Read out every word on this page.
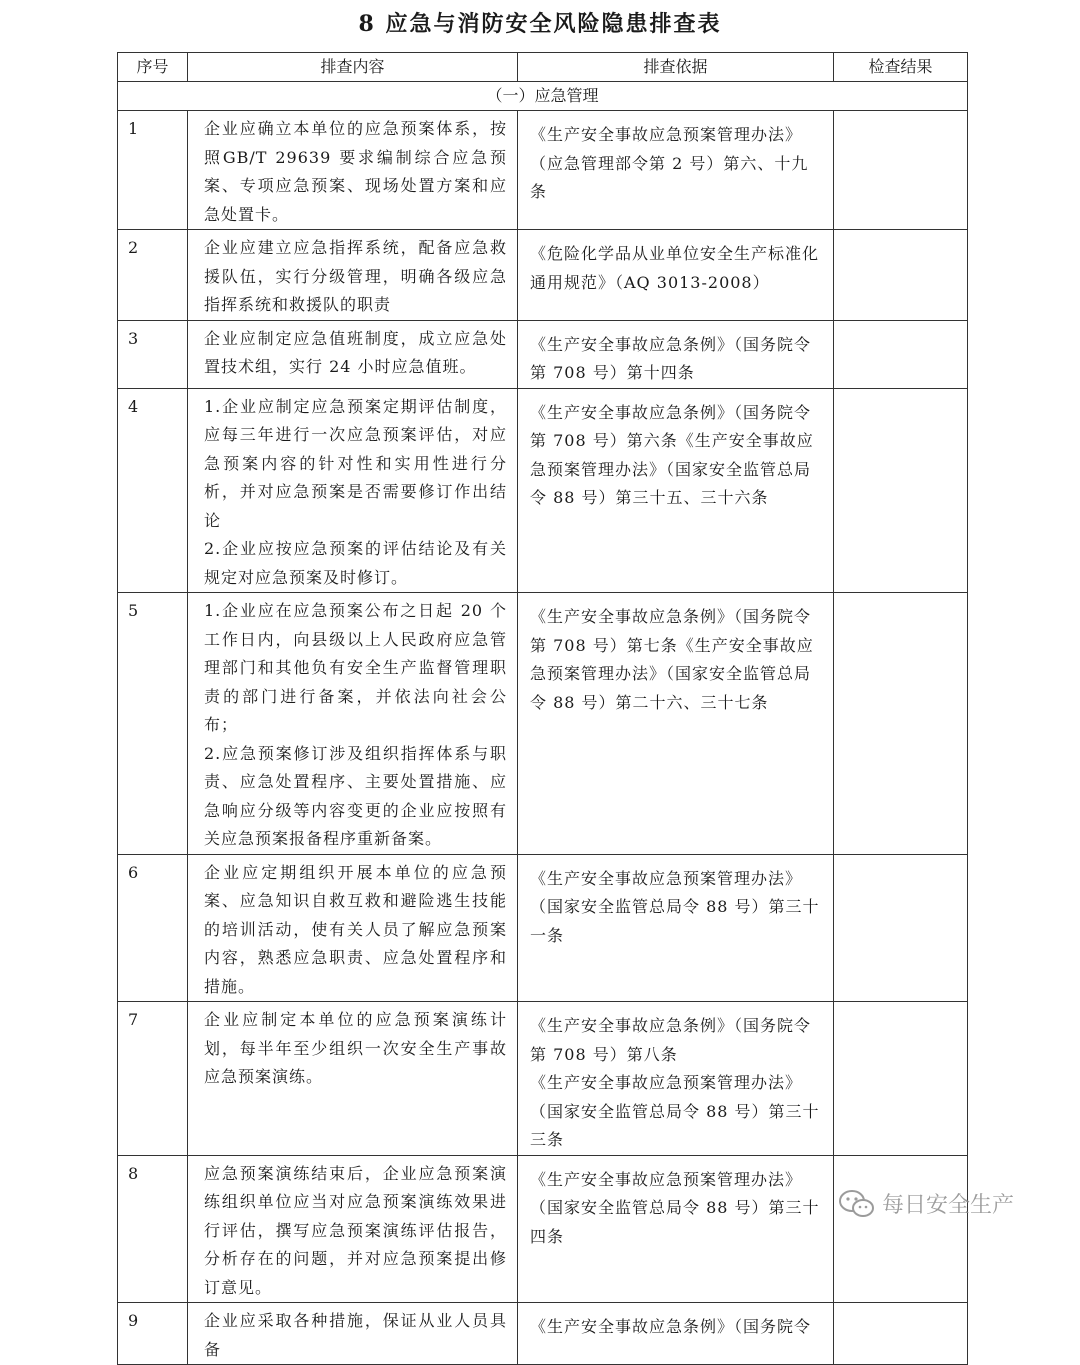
8 应急与消防安全风险隐患排查表
序号	排查内容	排查依据	检查结果
（一）应急管理			
1	企业应确立本单位的应急预案体系，按照GB/T 29639 要求编制综合应急预案、专项应急预案、现场处置方案和应急处置卡。	《生产安全事故应急预案管理办法》（应急管理部令第 2 号）第六、十九条	

2	企业应建立应急指挥系统，配备应急救援队伍，实行分级管理，明确各级应急指挥系统和救援队的职责	《危险化学品从业单位安全生产标准化通用规范》（AQ 3013-2008）	

3	企业应制定应急值班制度，成立应急处置技术组，实行 24 小时应急值班。	《生产安全事故应急条例》（国务院令第 708 号）第十四条	

4	1.企业应制定应急预案定期评估制度，应每三年进行一次应急预案评估，对应急预案内容的针对性和实用性进行分析，并对应急预案是否需要修订作出结论
2.企业应按应急预案的评估结论及有关规定对应急预案及时修订。	《生产安全事故应急条例》（国务院令第 708 号）第六条《生产安全事故应急预案管理办法》（国家安全监管总局令 88 号）第三十五、三十六条	

5	1.企业应在应急预案公布之日起 20 个工作日内，向县级以上人民政府应急管理部门和其他负有安全生产监督管理职责的部门进行备案，并依法向社会公布；
2.应急预案修订涉及组织指挥体系与职责、应急处置程序、主要处置措施、应急响应分级等内容变更的企业应按照有关应急预案报备程序重新备案。	《生产安全事故应急条例》（国务院令第 708 号）第七条《生产安全事故应急预案管理办法》（国家安全监管总局令 88 号）第二十六、三十七条	

6	企业应定期组织开展本单位的应急预案、应急知识自救互救和避险逃生技能的培训活动，使有关人员了解应急预案内容，熟悉应急职责、应急处置程序和措施。	《生产安全事故应急预案管理办法》（国家安全监管总局令 88 号）第三十一条	

7	企业应制定本单位的应急预案演练计划，每半年至少组织一次安全生产事故应急预案演练。	《生产安全事故应急条例》（国务院令第 708 号）第八条
《生产安全事故应急预案管理办法》（国家安全监管总局令 88 号）第三十三条	

8	应急预案演练结束后，企业应急预案演练组织单位应当对应急预案演练效果进行评估，撰写应急预案演练评估报告，分析存在的问题，并对应急预案提出修订意见。	《生产安全事故应急预案管理办法》（国家安全监管总局令 88 号）第三十四条	

9	企业应采取各种措施，保证从业人员具备	《生产安全事故应急条例》（国务院令	

每日安全生产
